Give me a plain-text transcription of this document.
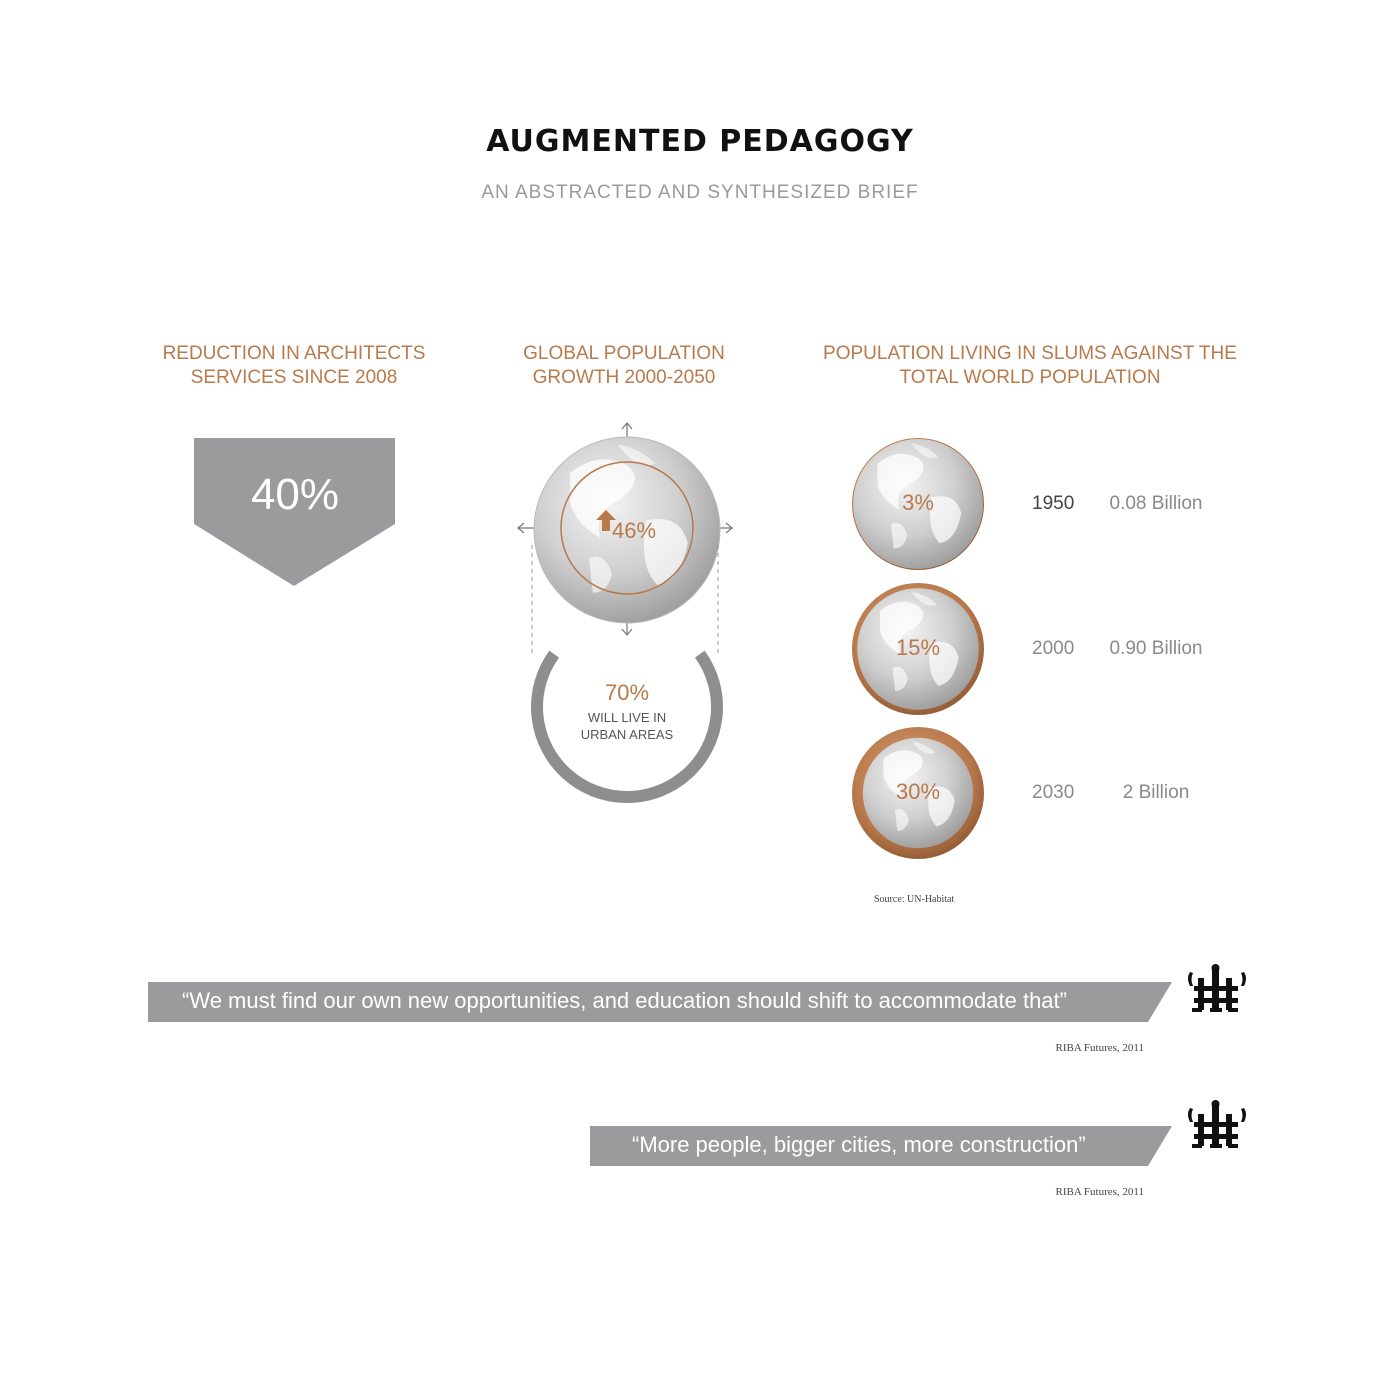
AUGMENTED PEDAGOGY
AN ABSTRACTED AND SYNTHESIZED BRIEF
REDUCTION IN ARCHITECTS
SERVICES SINCE 2008
40%
GLOBAL POPULATION
GROWTH 2000-2050
46%
70%
WILL LIVE IN
URBAN AREAS
POPULATION LIVING IN SLUMS AGAINST THE
TOTAL WORLD POPULATION
3%	1950	0.08 Billion
15%	2000	0.90 Billion
30%	2030	2 Billion
Source: UN-Habitat
“We must find our own new opportunities, and education should shift to accommodate that”
RIBA Futures, 2011
“More people, bigger cities, more construction”
RIBA Futures, 2011
